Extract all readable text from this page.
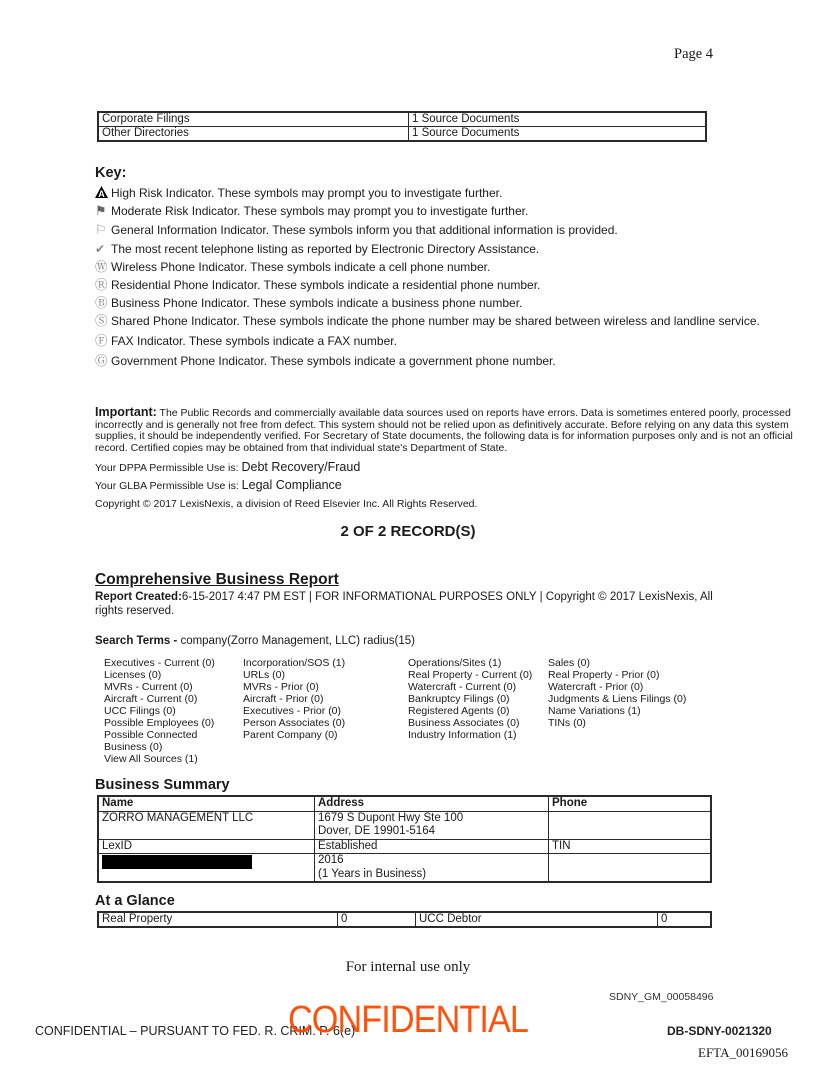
Page 4
Corporate Filings	1 Source Documents
Other Directories	1 Source Documents
Key:
A High Risk Indicator. These symbols may prompt you to investigate further.
⚑ Moderate Risk Indicator. These symbols may prompt you to investigate further.
⚐ General Information Indicator. These symbols inform you that additional information is provided.
✔ The most recent telephone listing as reported by Electronic Directory Assistance.
Ⓦ Wireless Phone Indicator. These symbols indicate a cell phone number.
Ⓡ Residential Phone Indicator. These symbols indicate a residential phone number.
Ⓑ Business Phone Indicator. These symbols indicate a business phone number.
Ⓢ Shared Phone Indicator. These symbols indicate the phone number may be shared between wireless and landline service.
Ⓕ FAX Indicator. These symbols indicate a FAX number.
Ⓖ Government Phone Indicator. These symbols indicate a government phone number.
Important: The Public Records and commercially available data sources used on reports have errors. Data is sometimes entered poorly, processed incorrectly and is generally not free from defect. This system should not be relied upon as definitively accurate. Before relying on any data this system supplies, it should be independently verified. For Secretary of State documents, the following data is for information purposes only and is not an official record. Certified copies may be obtained from that individual state's Department of State.
Your DPPA Permissible Use is: Debt Recovery/Fraud
Your GLBA Permissible Use is: Legal Compliance
Copyright © 2017 LexisNexis, a division of Reed Elsevier Inc. All Rights Reserved.
2 OF 2 RECORD(S)
Comprehensive Business Report
Report Created:6-15-2017 4:47 PM EST | FOR INFORMATIONAL PURPOSES ONLY | Copyright © 2017 LexisNexis, All rights reserved.
Search Terms - company(Zorro Management, LLC) radius(15)
Executives - Current (0)
Licenses (0)
MVRs - Current (0)
Aircraft - Current (0)
UCC Filings (0)
Possible Employees (0)
Possible Connected
Business (0)
View All Sources (1)
Incorporation/SOS (1)
URLs (0)
MVRs - Prior (0)
Aircraft - Prior (0)
Executives - Prior (0)
Person Associates (0)
Parent Company (0)
Operations/Sites (1)
Real Property - Current (0)
Watercraft - Current (0)
Bankruptcy Filings (0)
Registered Agents (0)
Business Associates (0)
Industry Information (1)
Sales (0)
Real Property - Prior (0)
Watercraft - Prior (0)
Judgments & Liens Filings (0)
Name Variations (1)
TINs (0)
Business Summary
Name	Address	Phone
ZORRO MANAGEMENT LLC	1679 S Dupont Hwy Ste 100
Dover, DE 19901-5164	

LexID	Established	TIN

	2016
(1 Years in Business)	

At a Glance
Real Property	0	UCC Debtor	0
For internal use only
SDNY_GM_00058496
CONFIDENTIAL – PURSUANT TO FED. R. CRIM. P. 6(e)
CONFIDENTIAL	DB-SDNY-0021320
EFTA_00169056
